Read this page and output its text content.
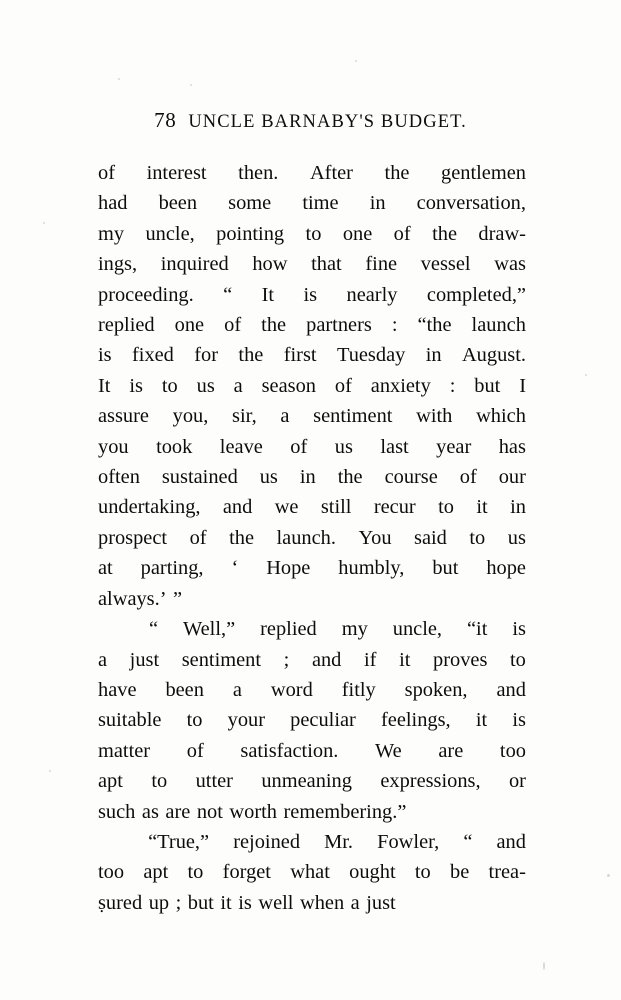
78 UNCLE BARNABY'S BUDGET.
of interest then. After the gentlemen
had been some time in conversation,
my uncle, pointing to one of the draw-
ings, inquired how that fine vessel was
proceeding. “ It is nearly completed,”
replied one of the partners : “the launch
is fixed for the first Tuesday in August.
It is to us a season of anxiety : but I
assure you, sir, a sentiment with which
you took leave of us last year has
often sustained us in the course of our
undertaking, and we still recur to it in
prospect of the launch. You said to us
at parting, ‘ Hope humbly, but hope
always.’ ”
“ Well,” replied my uncle, “it is
a just sentiment ; and if it proves to
have been a word fitly spoken, and
suitable to your peculiar feelings, it is
matter of satisfaction. We are too
apt to utter unmeaning expressions, or
such as are not worth remembering.”
“True,” rejoined Mr. Fowler, “ and
too apt to forget what ought to be trea-
ṣured up ; but it is well when a just
